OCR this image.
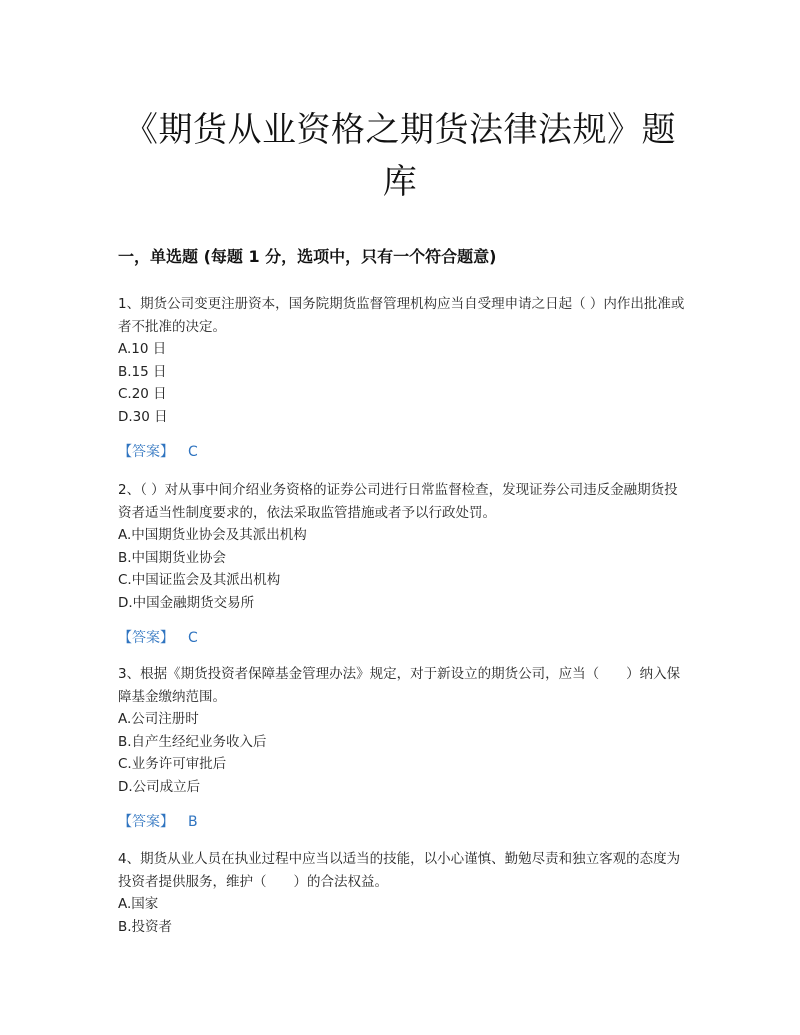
《期货从业资格之期货法律法规》题
库
一，单选题 (每题 1 分，选项中，只有一个符合题意)

1、期货公司变更注册资本，国务院期货监督管理机构应当自受理申请之日起（ ）内作出批准或者不批准的决定。

A.10 日

B.15 日

C.20 日

D.30 日

【答案】 C

2、（ ）对从事中间介绍业务资格的证券公司进行日常监督检查，发现证券公司违反金融期货投资者适当性制度要求的，依法采取监管措施或者予以行政处罚。

A.中国期货业协会及其派出机构

B.中国期货业协会

C.中国证监会及其派出机构

D.中国金融期货交易所

【答案】 C

3、根据《期货投资者保障基金管理办法》规定，对于新设立的期货公司，应当（　　）纳入保障基金缴纳范围。

A.公司注册时

B.自产生经纪业务收入后

C.业务许可审批后

D.公司成立后

【答案】 B

4、期货从业人员在执业过程中应当以适当的技能，以小心谨慎、勤勉尽责和独立客观的态度为投资者提供服务，维护（　　）的合法权益。

A.国家

B.投资者
